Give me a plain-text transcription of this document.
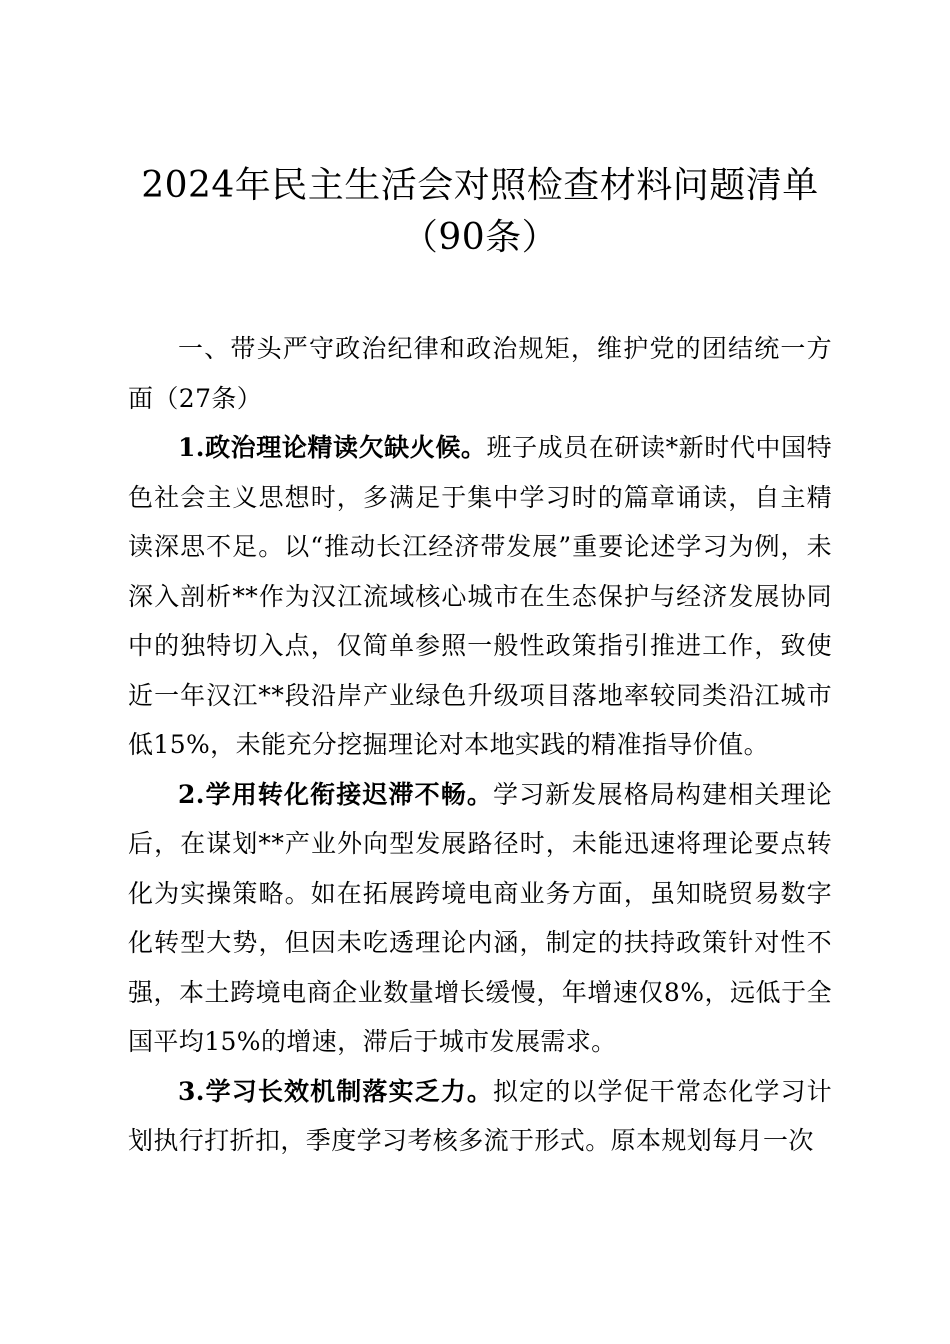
2024年民主生活会对照检查材料问题清单
（90条）

一、带头严守政治纪律和政治规矩，维护党的团结统一方面（27条）

1.政治理论精读欠缺火候。班子成员在研读*新时代中国特色社会主义思想时，多满足于集中学习时的篇章诵读，自主精读深思不足。以“推动长江经济带发展”重要论述学习为例，未深入剖析**作为汉江流域核心城市在生态保护与经济发展协同中的独特切入点，仅简单参照一般性政策指引推进工作，致使近一年汉江**段沿岸产业绿色升级项目落地率较同类沿江城市低15%，未能充分挖掘理论对本地实践的精准指导价值。

2.学用转化衔接迟滞不畅。学习新发展格局构建相关理论后，在谋划**产业外向型发展路径时，未能迅速将理论要点转化为实操策略。如在拓展跨境电商业务方面，虽知晓贸易数字化转型大势，但因未吃透理论内涵，制定的扶持政策针对性不强，本土跨境电商企业数量增长缓慢，年增速仅8%，远低于全国平均15%的增速，滞后于城市发展需求。

3.学习长效机制落实乏力。拟定的以学促干常态化学习计划执行打折扣，季度学习考核多流于形式。原本规划每月一次
